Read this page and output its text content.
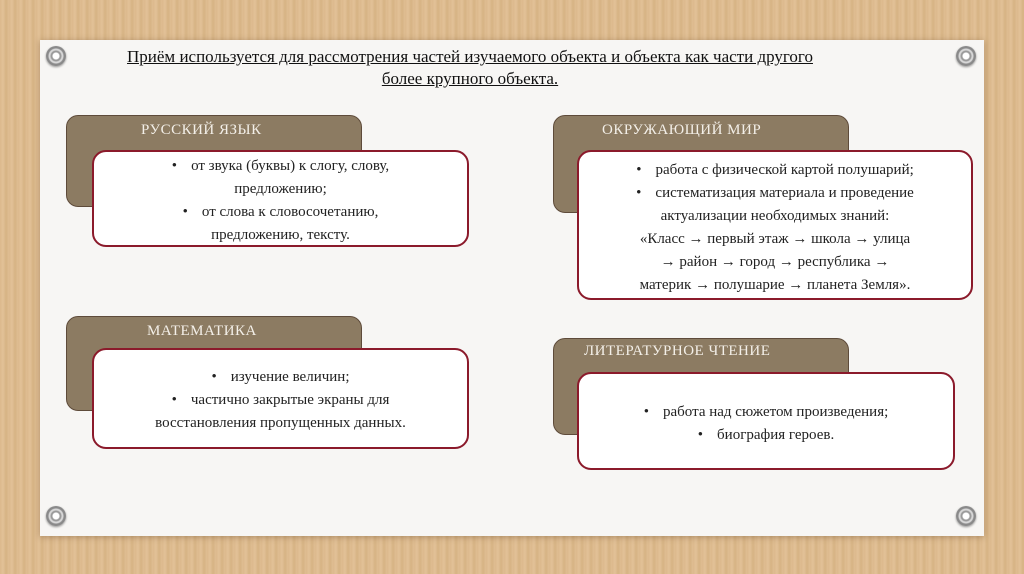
Приём используется для рассмотрения частей изучаемого объекта и объекта как части другого
более крупного объекта.
РУССКИЙ ЯЗЫК
• от звука (буквы) к слогу, слову,
предложению;
• от слова к словосочетанию,
предложению, тексту.
ОКРУЖАЮЩИЙ МИР
• работа с физической картой полушарий;
• систематизация материала и проведение
актуализации необходимых знаний:
«Класс → первый этаж → школа → улица
→ район → город → республика →
материк → полушарие → планета Земля».
МАТЕМАТИКА
• изучение величин;
• частично закрытые экраны для
восстановления пропущенных данных.
ЛИТЕРАТУРНОЕ ЧТЕНИЕ
• работа над сюжетом произведения;
• биография героев.
